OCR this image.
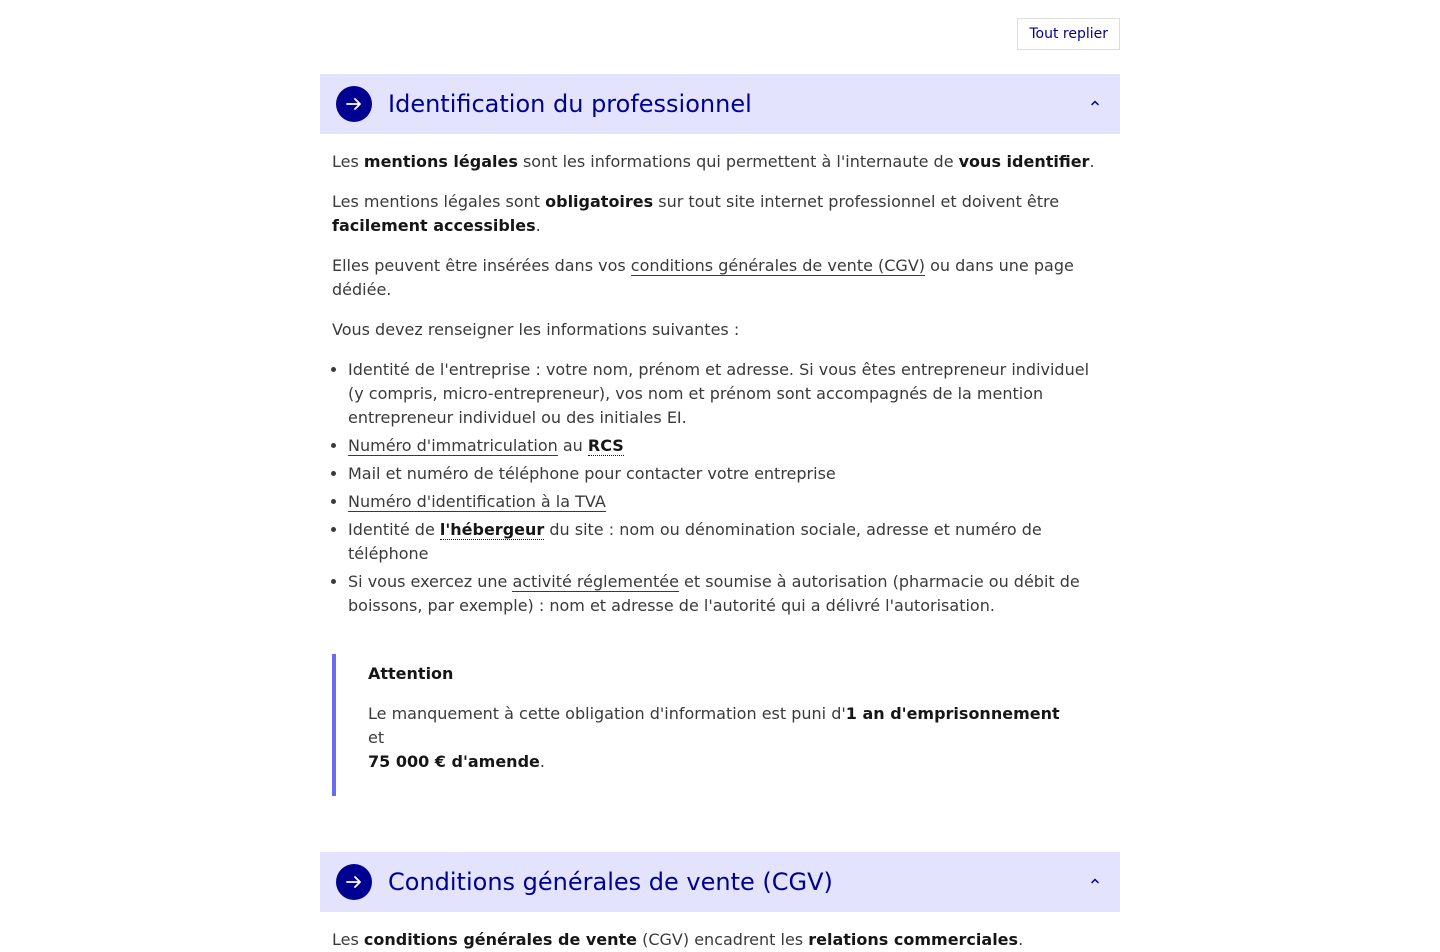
Tout replier
Identification du professionnel

Les mentions légales sont les informations qui permettent à l'internaute de vous identifier.

Les mentions légales sont obligatoires sur tout site internet professionnel et doivent être facilement accessibles.

Elles peuvent être insérées dans vos conditions générales de vente (CGV) ou dans une page dédiée.

Vous devez renseigner les informations suivantes :

• Identité de l'entreprise : votre nom, prénom et adresse. Si vous êtes entrepreneur individuel (y compris, micro-entrepreneur), vos nom et prénom sont accompagnés de la mention entrepreneur individuel ou des initiales EI.
• Numéro d'immatriculation au RCS
• Mail et numéro de téléphone pour contacter votre entreprise
• Numéro d'identification à la TVA
• Identité de l'hébergeur du site : nom ou dénomination sociale, adresse et numéro de téléphone
• Si vous exercez une activité réglementée et soumise à autorisation (pharmacie ou débit de boissons, par exemple) : nom et adresse de l'autorité qui a délivré l'autorisation.
Attention

Le manquement à cette obligation d'information est puni d'1 an d'emprisonnement et
75 000 € d'amende.

Conditions générales de vente (CGV)

Les conditions générales de vente (CGV) encadrent les relations commerciales.
